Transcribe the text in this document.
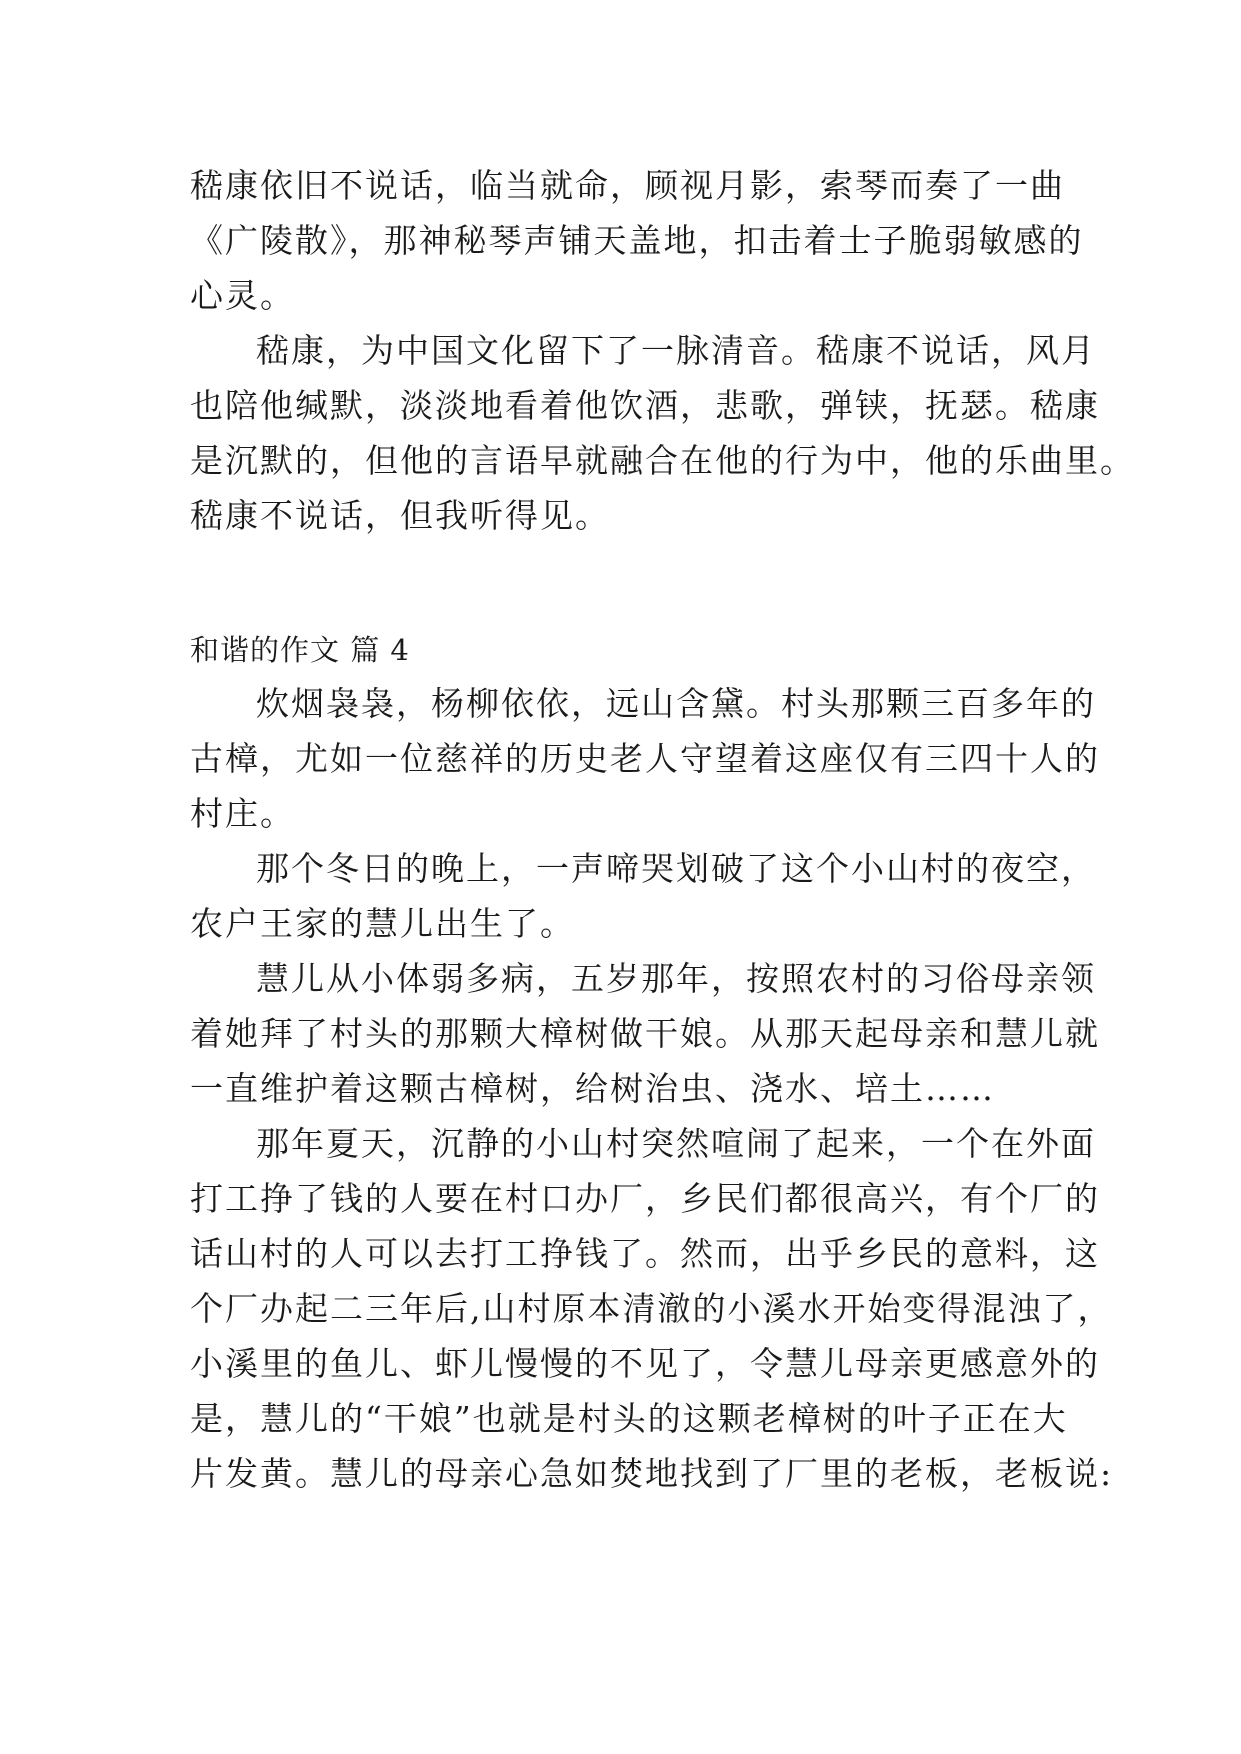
嵇康依旧不说话，临当就命，顾视月影，索琴而奏了一曲
《广陵散》，那神秘琴声铺天盖地，扣击着士子脆弱敏感的
心灵。
嵇康，为中国文化留下了一脉清音。嵇康不说话，风月
也陪他缄默，淡淡地看着他饮酒，悲歌，弹铗，抚瑟。嵇康
是沉默的，但他的言语早就融合在他的行为中，他的乐曲里。
嵇康不说话，但我听得见。
和谐的作文 篇 4
炊烟袅袅，杨柳依依，远山含黛。村头那颗三百多年的
古樟，尤如一位慈祥的历史老人守望着这座仅有三四十人的
村庄。
那个冬日的晚上，一声啼哭划破了这个小山村的夜空，
农户王家的慧儿出生了。
慧儿从小体弱多病，五岁那年，按照农村的习俗母亲领
着她拜了村头的那颗大樟树做干娘。从那天起母亲和慧儿就
一直维护着这颗古樟树，给树治虫、浇水、培土……
那年夏天，沉静的小山村突然喧闹了起来，一个在外面
打工挣了钱的人要在村口办厂，乡民们都很高兴，有个厂的
话山村的人可以去打工挣钱了。然而，出乎乡民的意料，这
个厂办起二三年后,山村原本清澈的小溪水开始变得混浊了，
小溪里的鱼儿、虾儿慢慢的不见了，令慧儿母亲更感意外的
是，慧儿的“干娘”也就是村头的这颗老樟树的叶子正在大
片发黄。慧儿的母亲心急如焚地找到了厂里的老板，老板说:
